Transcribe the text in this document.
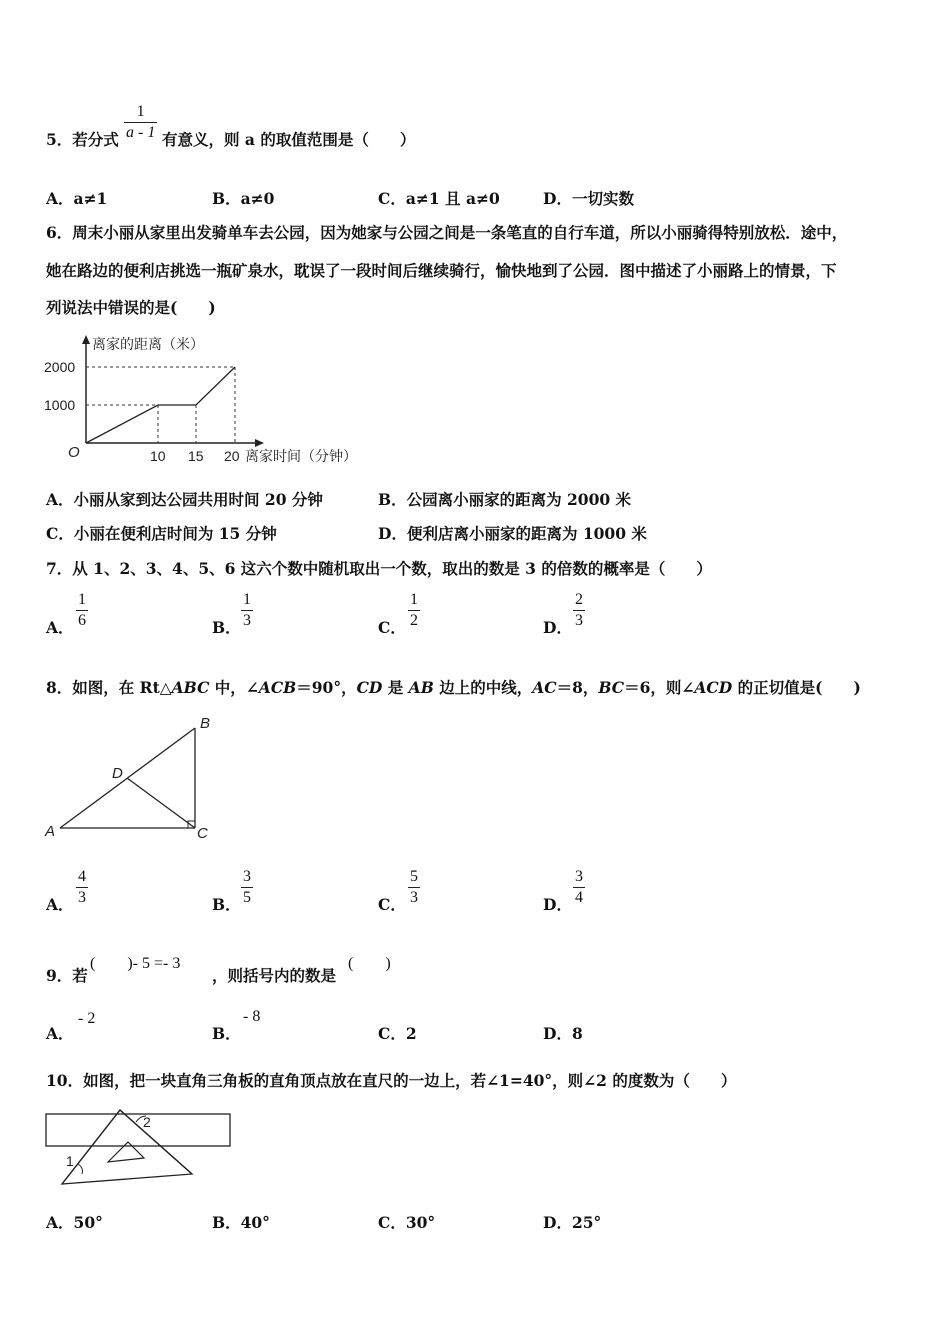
5．若分式
1
a - 1 有意义，则 a 的取值范围是（　　）
A．a≠1	B．a≠0	C．a≠1 且 a≠0	D．一切实数
6．周末小丽从家里出发骑单车去公园，因为她家与公园之间是一条笔直的自行车道，所以小丽骑得特别放松．途中，
她在路边的便利店挑选一瓶矿泉水，耽误了一段时间后继续骑行，愉快地到了公园．图中描述了小丽路上的情景，下
列说法中错误的是(　　)
离家的距离（米）
离家时间（分钟）
O
2000
1000
10 15 20
A．小丽从家到达公园共用时间 20 分钟	B．公园离小丽家的距离为 2000 米
C．小丽在便利店时间为 15 分钟	D．便利店离小丽家的距离为 1000 米
7．从 1、2、3、4、5、6 这六个数中随机取出一个数，取出的数是 3 的倍数的概率是（　　）
A．
1
6	B．
1
3	C．
1
2	D．
2
3
8．如图，在 Rt△ABC 中，∠ACB＝90°，CD 是 AB 边上的中线，AC＝8，BC＝6，则∠ACD 的正切值是(　　)
A
B
C
D
A．
4
3	B．
3
5	C．
5
3	D．
3
4
9．若
(　　)- 5 =- 3
，则括号内的数是
(　　)
A．
- 2
B．
- 8
C．2	D．8
10．如图，把一块直角三角板的直角顶点放在直尺的一边上，若∠1=40°，则∠2 的度数为（　　）
1
2
A．50°	B．40°	C．30°	D．25°
